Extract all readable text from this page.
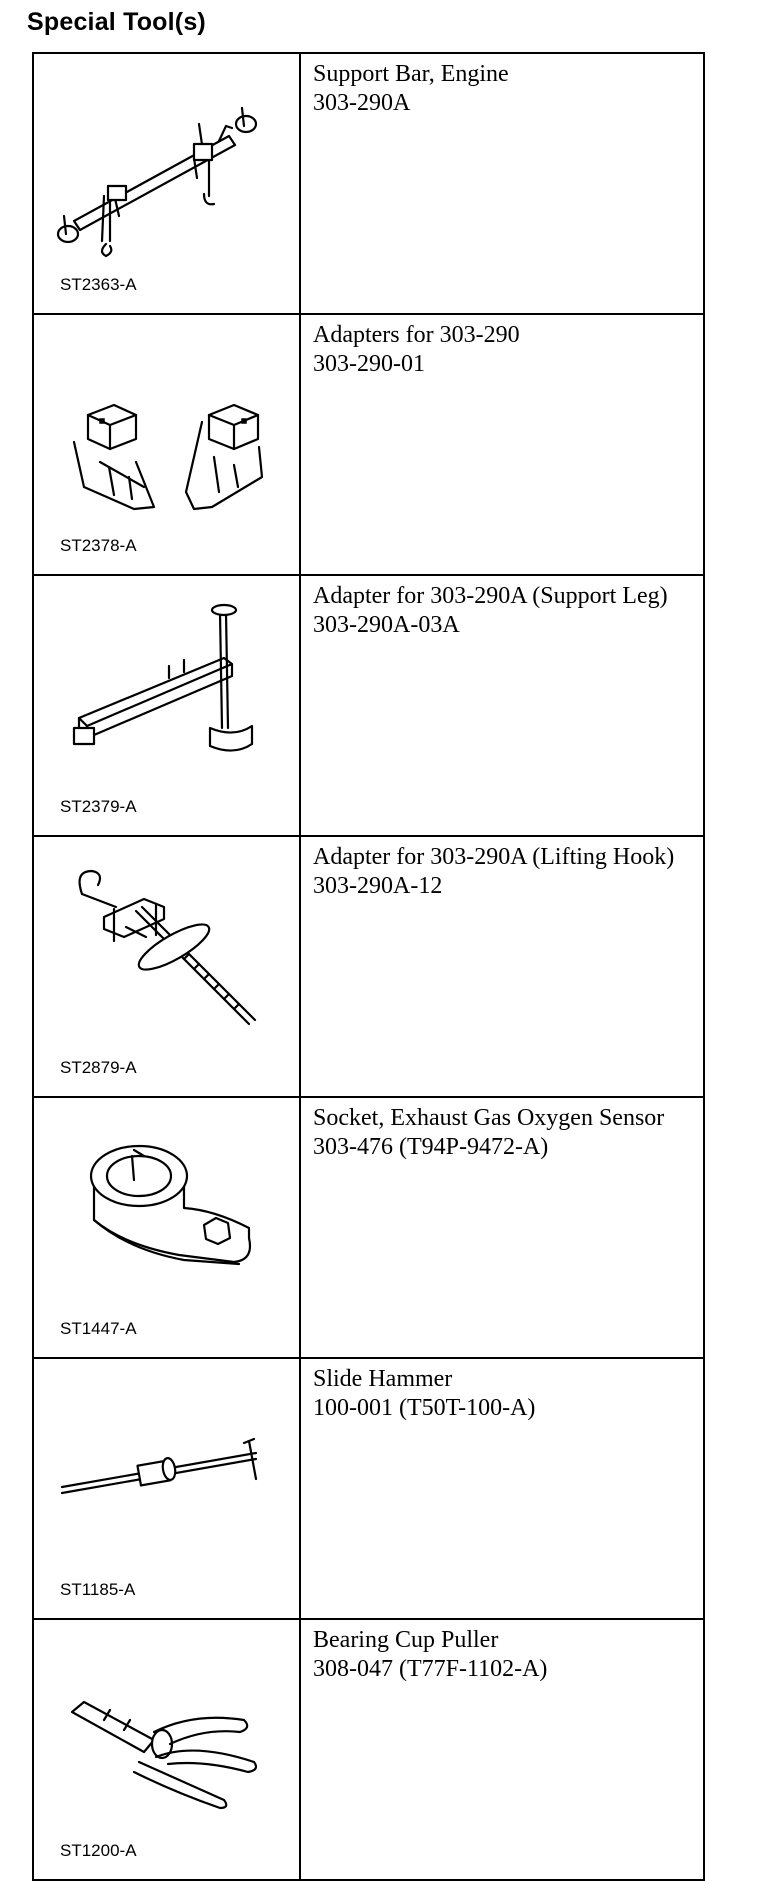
Special Tool(s)
ST2363-A	Support Bar, Engine
303-290A

ST2378-A	Adapters for 303-290
303-290-01

ST2379-A	Adapter for 303-290A (Support Leg)
303-290A-03A

ST2879-A	Adapter for 303-290A (Lifting Hook)
303-290A-12

ST1447-A	Socket, Exhaust Gas Oxygen Sensor
303-476 (T94P-9472-A)

ST1185-A	Slide Hammer
100-001 (T50T-100-A)

ST1200-A	Bearing Cup Puller
308-047 (T77F-1102-A)
